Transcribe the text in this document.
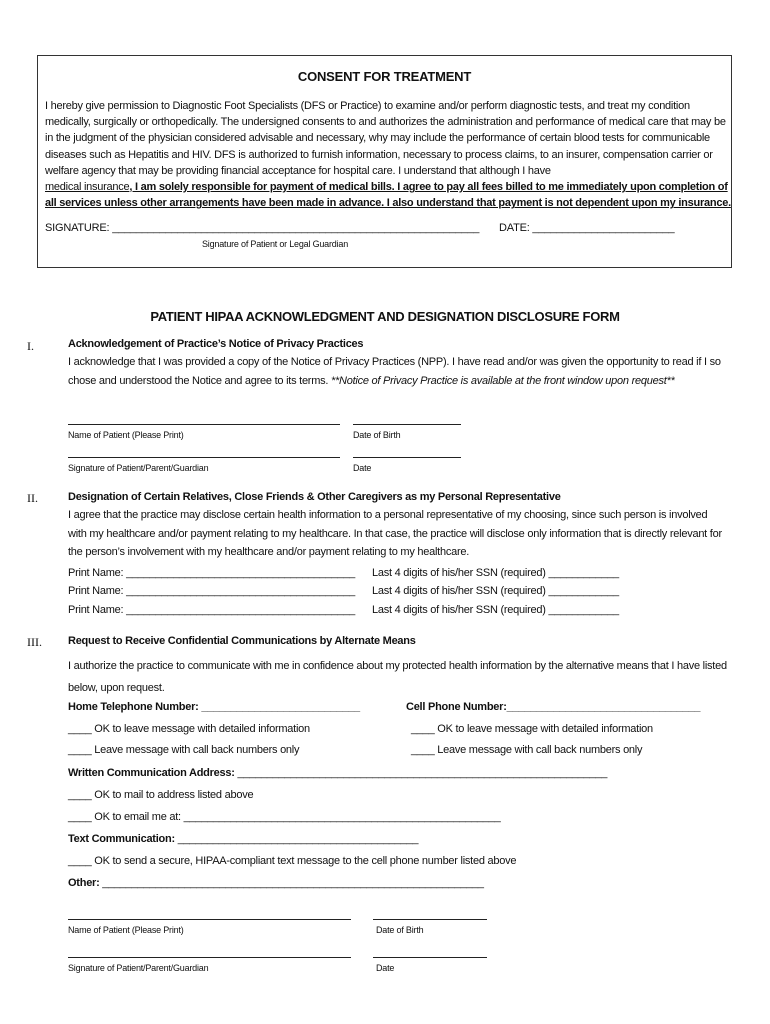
CONSENT FOR TREATMENT
I hereby give permission to Diagnostic Foot Specialists (DFS or Practice) to examine and/or perform diagnostic tests, and treat my condition medically, surgically or orthopedically. The undersigned consents to and authorizes the administration and performance of medical care that may be in the judgment of the physician considered advisable and necessary, why may include the performance of certain blood tests for communicable diseases such as Hepatitis and HIV. DFS is authorized to furnish information, necessary to process claims, to an insurer, compensation carrier or welfare agency that may be providing financial acceptance for hospital care. I understand that although I have
medical insurance, I am solely responsible for payment of medical bills. I agree to pay all fees billed to me immediately upon completion of all services unless other arrangements have been made in advance. I also understand that payment is not dependent upon my insurance.
SIGNATURE: ______________________________________________________________ DATE: ________________________
Signature of Patient or Legal Guardian
PATIENT HIPAA ACKNOWLEDGMENT AND DESIGNATION DISCLOSURE FORM
I.	Acknowledgement of Practice’s Notice of Privacy Practices
I acknowledge that I was provided a copy of the Notice of Privacy Practices (NPP). I have read and/or was given the opportunity to read if I so chose and understood the Notice and agree to its terms. **Notice of Privacy Practice is available at the front window upon request**
Name of Patient (Please Print)	Date of Birth
Signature of Patient/Parent/Guardian	Date
II.	Designation of Certain Relatives, Close Friends & Other Caregivers as my Personal Representative
I agree that the practice may disclose certain health information to a personal representative of my choosing, since such person is involved with my healthcare and/or payment relating to my healthcare. In that case, the practice will disclose only information that is directly relevant for the person’s involvement with my healthcare and/or payment relating to my healthcare.
Print Name: _______________________________________ Last 4 digits of his/her SSN (required) ____________
Print Name: _______________________________________ Last 4 digits of his/her SSN (required) ____________
Print Name: _______________________________________ Last 4 digits of his/her SSN (required) ____________
III. Request to Receive Confidential Communications by Alternate Means
I authorize the practice to communicate with me in confidence about my protected health information by the alternative means that I have listed below, upon request.
Home Telephone Number: ___________________________	Cell Phone Number:_________________________________
____ OK to leave message with detailed information	____ OK to leave message with detailed information
____ Leave message with call back numbers only	____ Leave message with call back numbers only
Written Communication Address: _______________________________________________________________
____ OK to mail to address listed above
____ OK to email me at: ______________________________________________________
Text Communication: _________________________________________
____ OK to send a secure, HIPAA-compliant text message to the cell phone number listed above
Other: _________________________________________________________________
Name of Patient (Please Print)	Date of Birth
Signature of Patient/Parent/Guardian	Date
